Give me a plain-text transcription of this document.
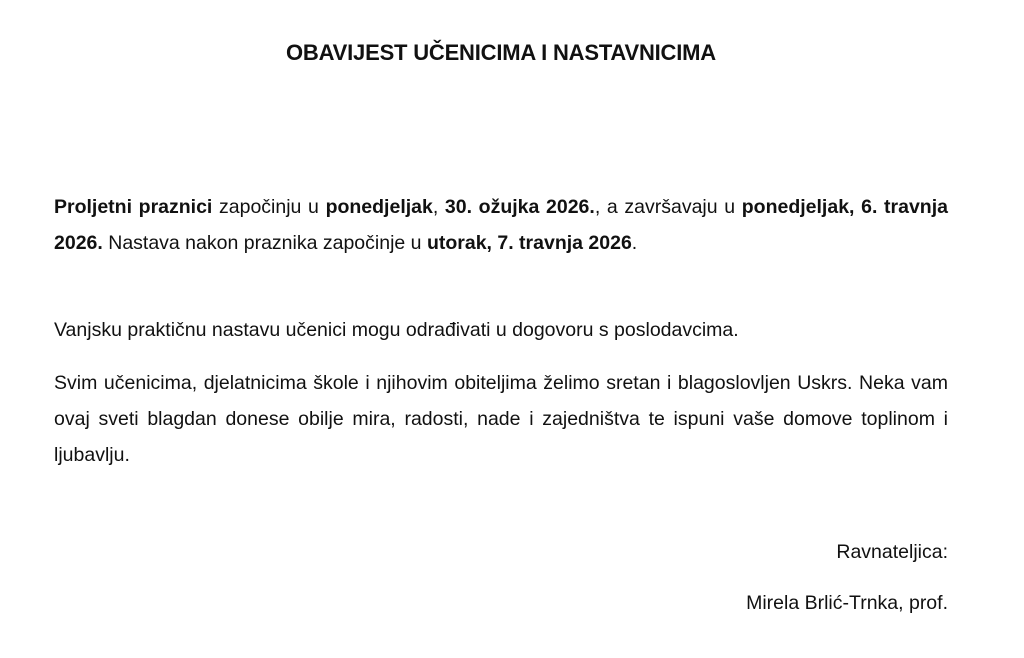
OBAVIJEST UČENICIMA I NASTAVNICIMA

Proljetni praznici započinju u ponedjeljak, 30. ožujka 2026., a završavaju u ponedjeljak, 6. travnja 2026. Nastava nakon praznika započinje u utorak, 7. travnja 2026.

Vanjsku praktičnu nastavu učenici mogu odrađivati u dogovoru s poslodavcima.

Svim učenicima, djelatnicima škole i njihovim obiteljima želimo sretan i blagoslovljen Uskrs. Neka vam ovaj sveti blagdan donese obilje mira, radosti, nade i zajedništva te ispuni vaše domove toplinom i ljubavlju.

Ravnateljica:
Mirela Brlić-Trnka, prof.
